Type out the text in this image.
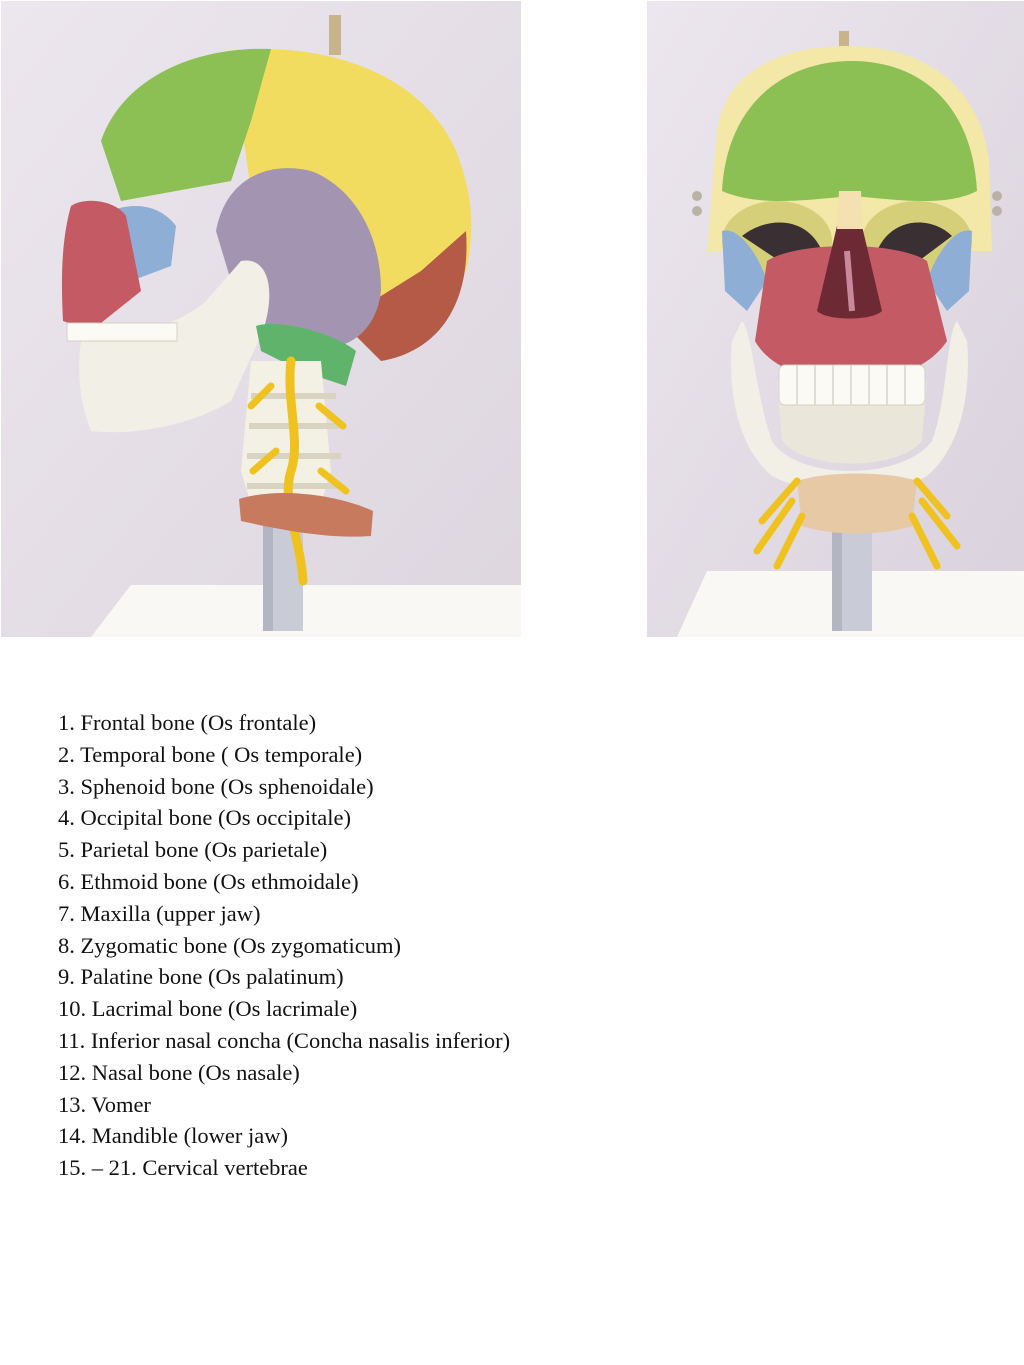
1. Frontal bone (Os frontale)
2. Temporal bone ( Os temporale)
3. Sphenoid bone (Os sphenoidale)
4. Occipital bone (Os occipitale)
5. Parietal bone (Os parietale)
6. Ethmoid bone (Os ethmoidale)
7. Maxilla (upper jaw)
8. Zygomatic bone (Os zygomaticum)
9. Palatine bone (Os palatinum)
10. Lacrimal bone (Os lacrimale)
11. Inferior nasal concha (Concha nasalis inferior)
12. Nasal bone (Os nasale)
13. Vomer
14. Mandible (lower jaw)
15. – 21. Cervical vertebrae
